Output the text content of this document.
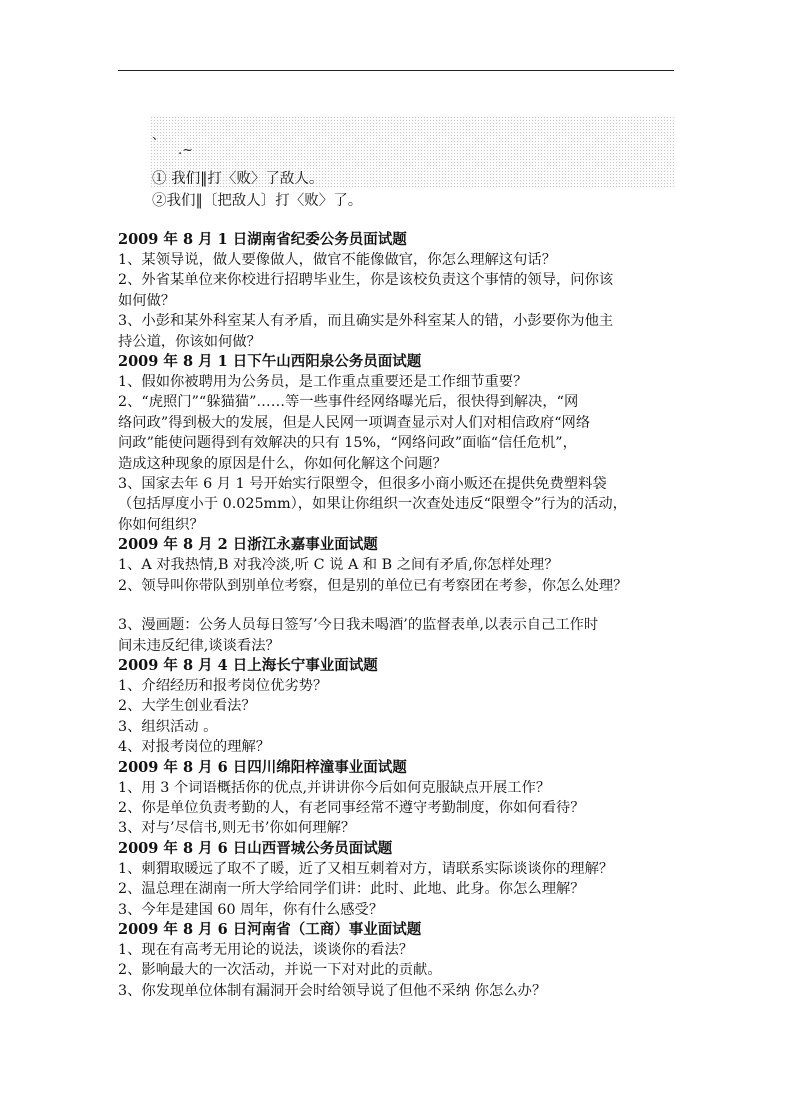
、
.~
① 我们‖打〈败〉了敌人。
②我们‖〔把敌人〕打〈败〉了。
2009 年 8 月 1 日湖南省纪委公务员面试题
1、某领导说，做人要像做人，做官不能像做官，你怎么理解这句话？
2、外省某单位来你校进行招聘毕业生，你是该校负责这个事情的领导，问你该
如何做？
3、小彭和某外科室某人有矛盾，而且确实是外科室某人的错，小彭要你为他主
持公道，你该如何做？
2009 年 8 月 1 日下午山西阳泉公务员面试题
1、假如你被聘用为公务员，是工作重点重要还是工作细节重要？
2、“虎照门”“躲猫猫”……等一些事件经网络曝光后，很快得到解决，“网
络问政”得到极大的发展，但是人民网一项调查显示对人们对相信政府“网络
问政”能使问题得到有效解决的只有 15%，“网络问政”面临“信任危机”，
造成这种现象的原因是什么，你如何化解这个问题？
3、国家去年 6 月 1 号开始实行限塑令，但很多小商小贩还在提供免费塑料袋
（包括厚度小于 0.025mm），如果让你组织一次查处违反“限塑令”行为的活动，
你如何组织？
2009 年 8 月 2 日浙江永嘉事业面试题
1、A 对我热情,B 对我冷淡,听 C 说 A 和 B 之间有矛盾,你怎样处理？
2、领导叫你带队到别单位考察，但是别的单位已有考察团在考参，你怎么处理？
3、漫画题：公务人员每日签写’今日我未喝酒’的监督表单,以表示自己工作时
间未违反纪律,谈谈看法？
2009 年 8 月 4 日上海长宁事业面试题
1、介绍经历和报考岗位优劣势？
2、大学生创业看法？
3、组织活动 。
4、对报考岗位的理解？
2009 年 8 月 6 日四川绵阳梓潼事业面试题
1、用 3 个词语概括你的优点,并讲讲你今后如何克服缺点开展工作？
2、你是单位负责考勤的人，有老同事经常不遵守考勤制度，你如何看待？
3、对与’尽信书,则无书’你如何理解？
2009 年 8 月 6 日山西晋城公务员面试题
1、刺猬取暖远了取不了暖，近了又相互刺着对方，请联系实际谈谈你的理解？
2、温总理在湖南一所大学给同学们讲：此时、此地、此身。你怎么理解？
3、今年是建国 60 周年，你有什么感受？
2009 年 8 月 6 日河南省（工商）事业面试题
1、现在有高考无用论的说法，谈谈你的看法？
2、影响最大的一次活动，并说一下对对此的贡献。
3、你发现单位体制有漏洞开会时给领导说了但他不采纳 你怎么办？
